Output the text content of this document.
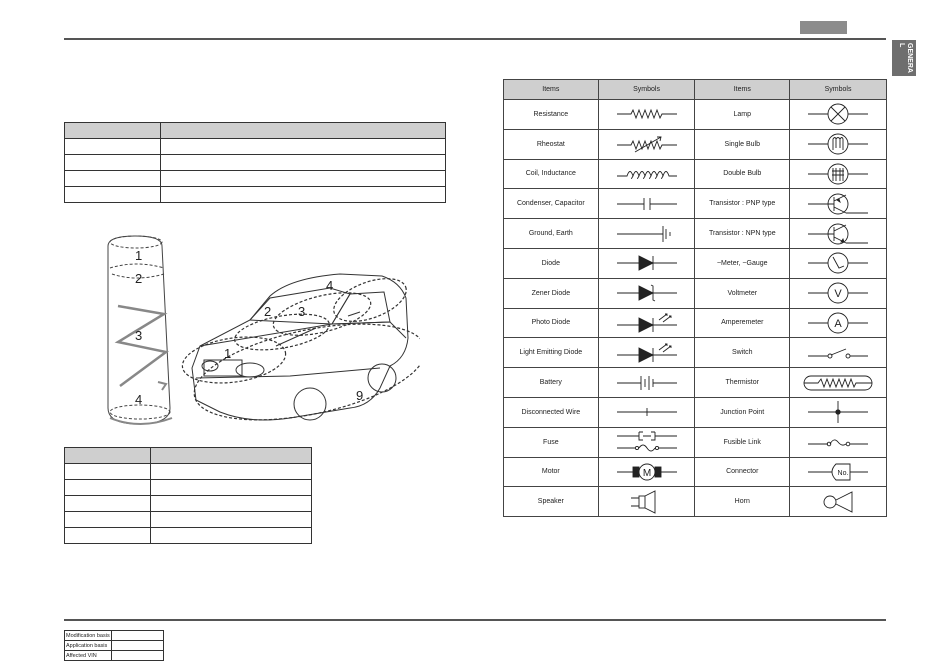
GENERA L

1
2
3
4
1
2 3
4
9

Items	Symbols	Items	Symbols
Resistance		Lamp	

Rheostat		Single Bulb	

Coil, Inductance		Double Bulb	

Condenser, Capacitor		Transistor : PNP type	

Ground, Earth		Transistor : NPN type	

Diode		~Meter, ~Gauge	

Zener Diode		Voltmeter	V

Photo Diode		Amperemeter	A

Light Emitting Diode		Switch	

Battery		Thermistor	

Disconnected Wire		Junction Point	

Fuse		Fusible Link	

Motor	M	Connector	No.

Speaker		Horn	
Modification basis	
Application basis	
Affected VIN	
